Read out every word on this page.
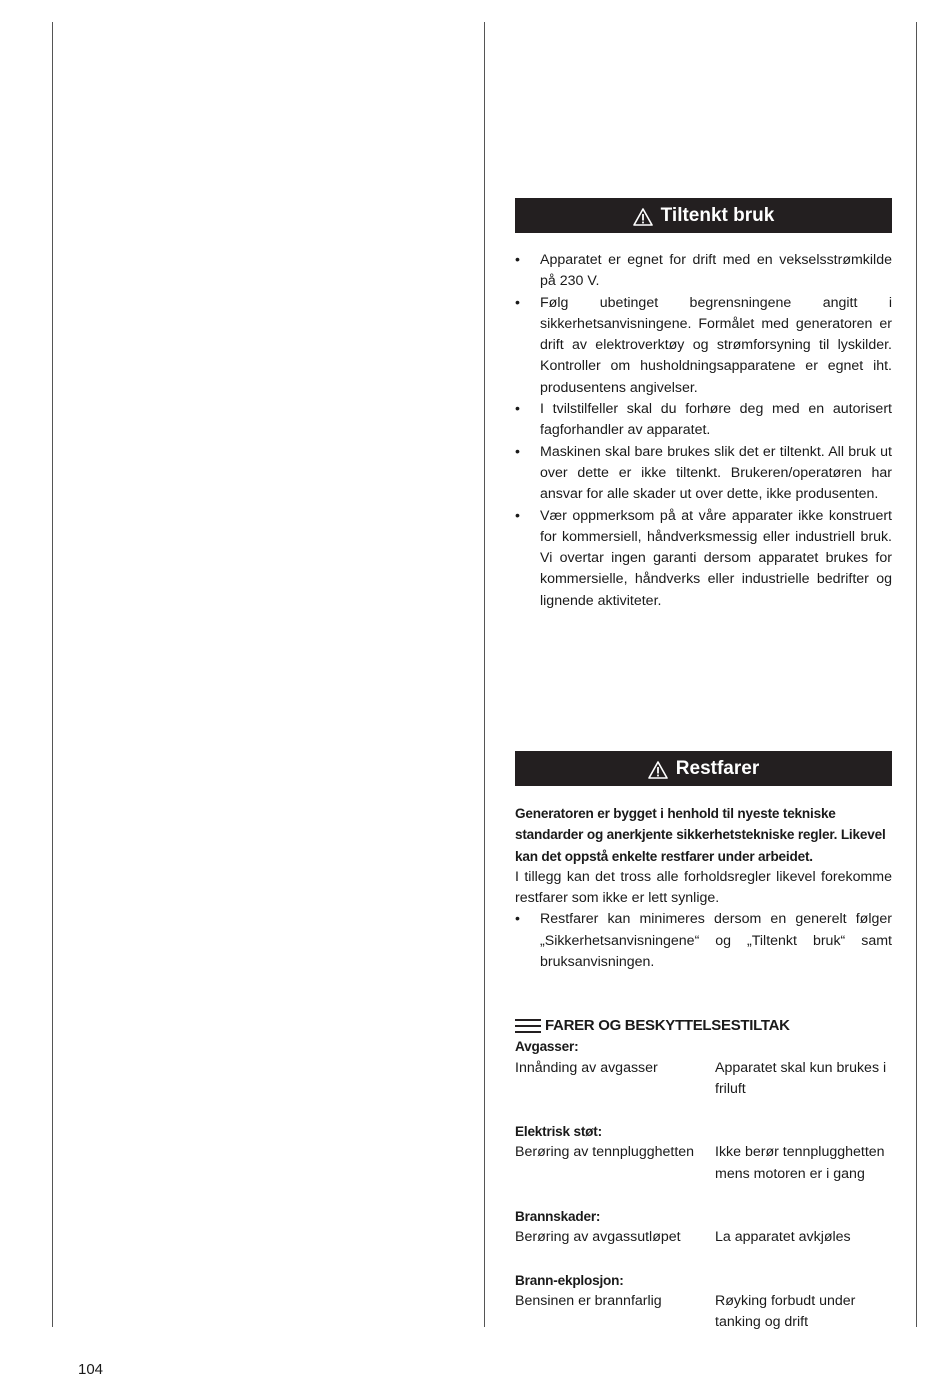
Tiltenkt bruk
• Apparatet er egnet for drift med en vekselsstrømkilde på 230 V.
• Følg ubetinget begrensningene angitt i sikkerhetsanvisningene. Formålet med generatoren er drift av elektroverktøy og strømforsyning til lyskilder. Kontroller om husholdningsapparatene er egnet iht. produsentens angivelser.
• I tvilstilfeller skal du forhøre deg med en autorisert fagforhandler av apparatet.
• Maskinen skal bare brukes slik det er tiltenkt. All bruk ut over dette er ikke tiltenkt. Brukeren/operatøren har ansvar for alle skader ut over dette, ikke produsenten.
• Vær oppmerksom på at våre apparater ikke konstruert for kommersiell, håndverksmessig eller industriell bruk. Vi overtar ingen garanti dersom apparatet brukes for kommersielle, håndverks eller industrielle bedrifter og lignende aktiviteter.
Restfarer
Generatoren er bygget i henhold til nyeste tekniske standarder og anerkjente sikkerhetstekniske regler. Likevel
kan det oppstå enkelte restfarer under arbeidet.
I tillegg kan det tross alle forholdsregler likevel forekomme restfarer som ikke er lett synlige.
• Restfarer kan minimeres dersom en generelt følger „Sikkerhetsanvisningene“ og „Tiltenkt bruk“ samt bruksanvisningen.
FARER OG BESKYTTELSESTILTAK
Avgasser:
Innånding av avgasser	Apparatet skal kun brukes i friluft
Elektrisk støt:
Berøring av tennplugghetten	Ikke berør tennplugghetten mens motoren er i gang
Brannskader:
Berøring av avgassutløpet	La apparatet avkjøles
Brann-ekplosjon:
Bensinen er brannfarlig	Røyking forbudt under tanking og drift
104
